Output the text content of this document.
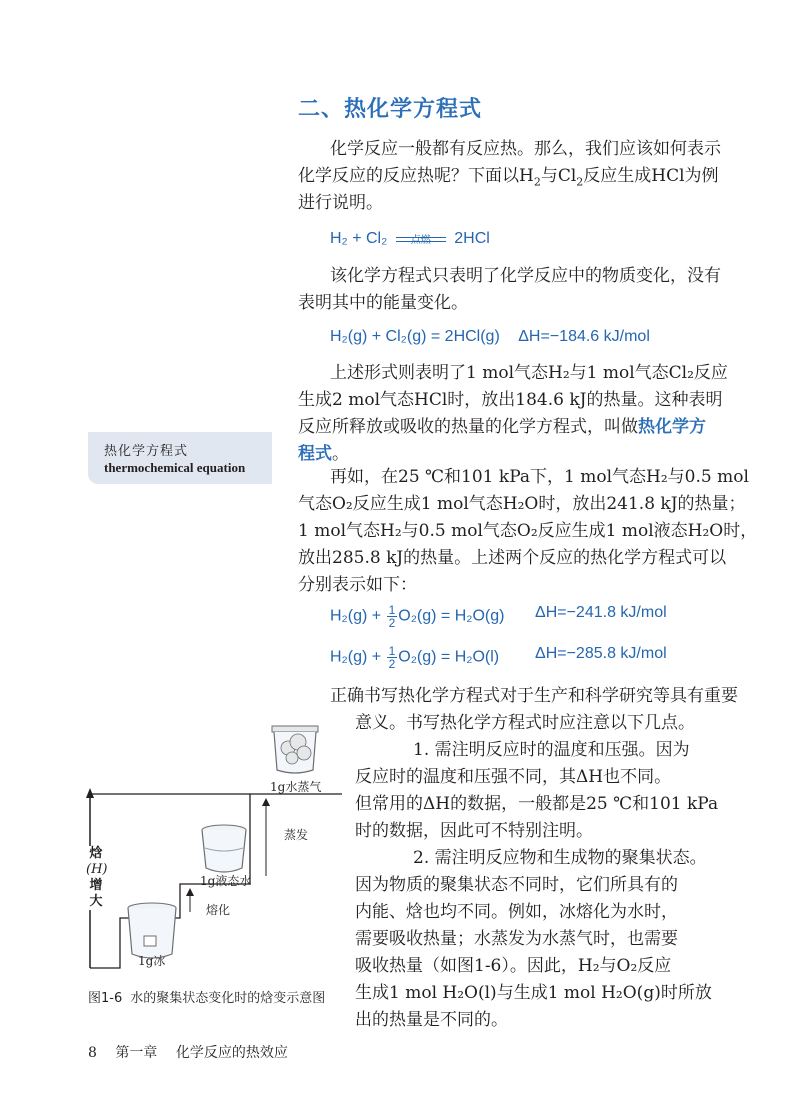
二、热化学方程式
化学反应一般都有反应热。那么，我们应该如何表示
化学反应的反应热呢？下面以$H_2$与$Cl_2$反应生成HCl为例
进行说明。
H₂ + Cl₂	点燃	2HCl
该化学方程式只表明了化学反应中的物质变化，没有
表明其中的能量变化。
H₂(g) + Cl₂(g) = 2HCl(g) ΔH=−184.6 kJ/mol
上述形式则表明了1 mol气态H₂与1 mol气态Cl₂反应
生成2 mol气态HCl时，放出184.6 kJ的热量。这种表明
反应所释放或吸收的热量的化学方程式，叫做热化学方
程式。
热化学方程式
thermochemical equation	再如，在25 ℃和101 kPa下，1 mol气态H₂与0.5 mol
气态O₂反应生成1 mol气态H₂O时，放出241.8 kJ的热量；
1 mol气态H₂与0.5 mol气态O₂反应生成1 mol液态H₂O时，
放出285.8 kJ的热量。上述两个反应的热化学方程式可以
分别表示如下：
$H_2(g) + \frac{1}{2} O_2(g) = H_2O(g)$ ΔH=−241.8 kJ/mol
$H_2(g) + \frac{1}{2} O_2(g) = H_2O(l)$ ΔH=−285.8 kJ/mol
正确书写热化学方程式对于生产和科学研究等具有重要
意义。书写热化学方程式时应注意以下几点。
1. 需注明反应时的温度和压强。因为
反应时的温度和压强不同，其ΔH也不同。
但常用的ΔH的数据，一般都是25 ℃和101 kPa
时的数据，因此可不特别注明。
2. 需注明反应物和生成物的聚集状态。
因为物质的聚集状态不同时，它们所具有的
内能、焓也均不同。例如，冰熔化为水时，
需要吸收热量；水蒸发为水蒸气时，也需要
吸收热量（如图1-6）。因此，H₂与O₂反应
生成1 mol H₂O(l)与生成1 mol H₂O(g)时所放
出的热量是不同的。
焓
(H)
增大
1g水蒸气
1g液态水
1g冰
蒸发
熔化
图1-6 水的聚集状态变化时的焓变示意图
8 第一章 化学反应的热效应
